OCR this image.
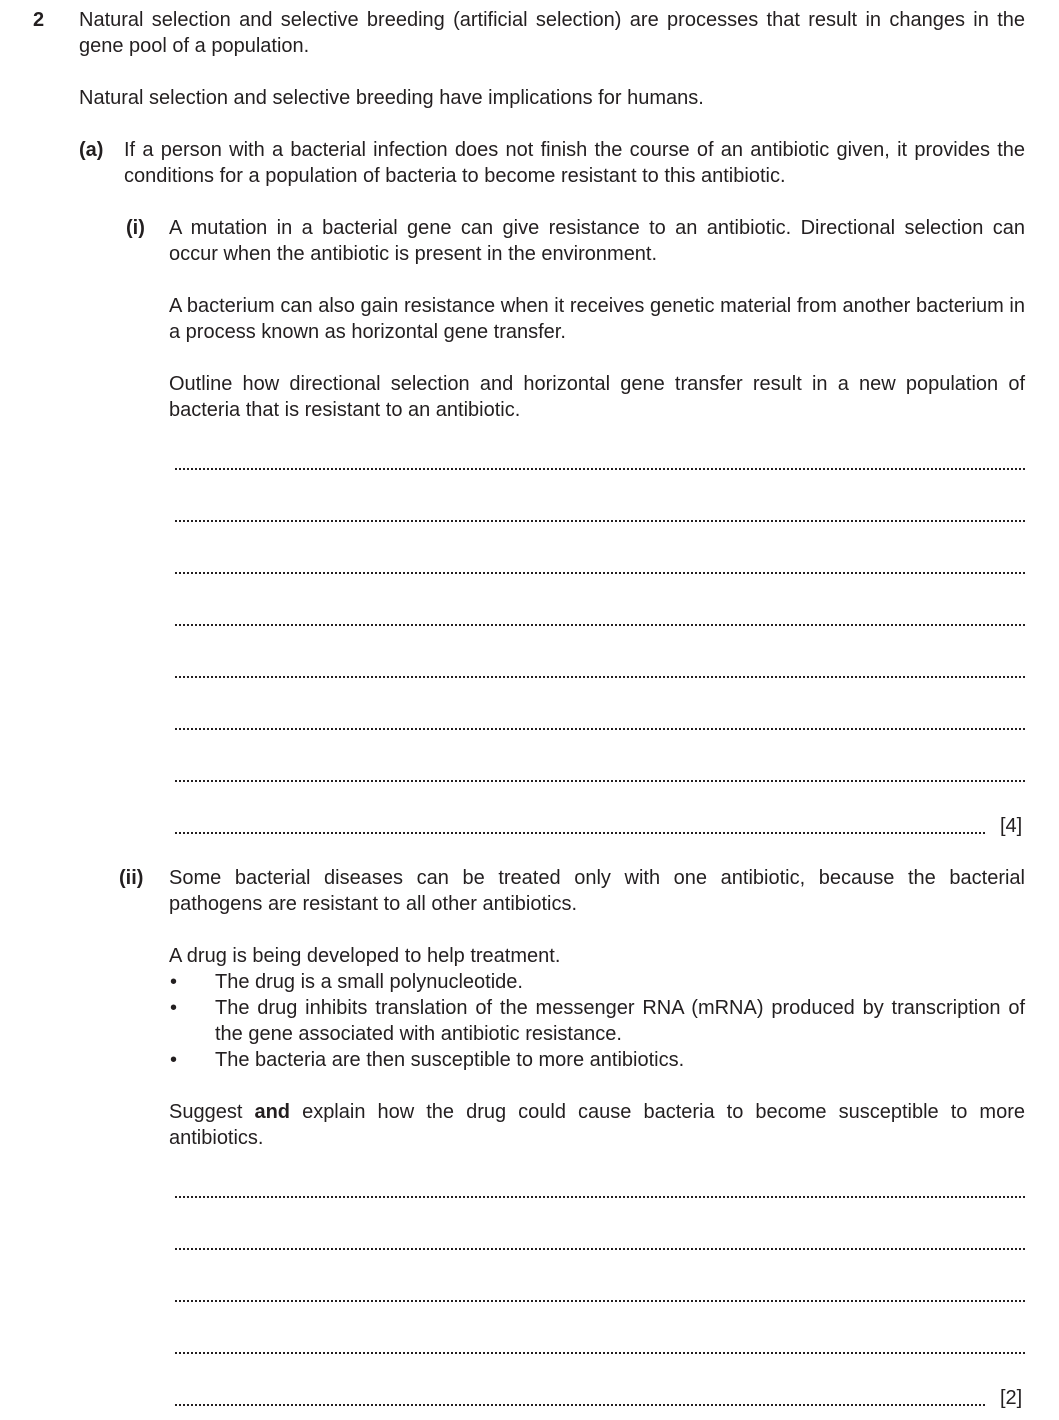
2 Natural selection and selective breeding (artificial selection) are processes that result in changes in the gene pool of a population.
Natural selection and selective breeding have implications for humans.
(a) If a person with a bacterial infection does not finish the course of an antibiotic given, it provides the conditions for a population of bacteria to become resistant to this antibiotic.
(i) A mutation in a bacterial gene can give resistance to an antibiotic. Directional selection can occur when the antibiotic is present in the environment.
A bacterium can also gain resistance when it receives genetic material from another bacterium in a process known as horizontal gene transfer.
Outline how directional selection and horizontal gene transfer result in a new population of bacteria that is resistant to an antibiotic.
[4]
(ii) Some bacterial diseases can be treated only with one antibiotic, because the bacterial pathogens are resistant to all other antibiotics.
A drug is being developed to help treatment.
• The drug is a small polynucleotide.
• The drug inhibits translation of the messenger RNA (mRNA) produced by transcription of the gene associated with antibiotic resistance.
• The bacteria are then susceptible to more antibiotics.
Suggest and explain how the drug could cause bacteria to become susceptible to more antibiotics.
[2]
